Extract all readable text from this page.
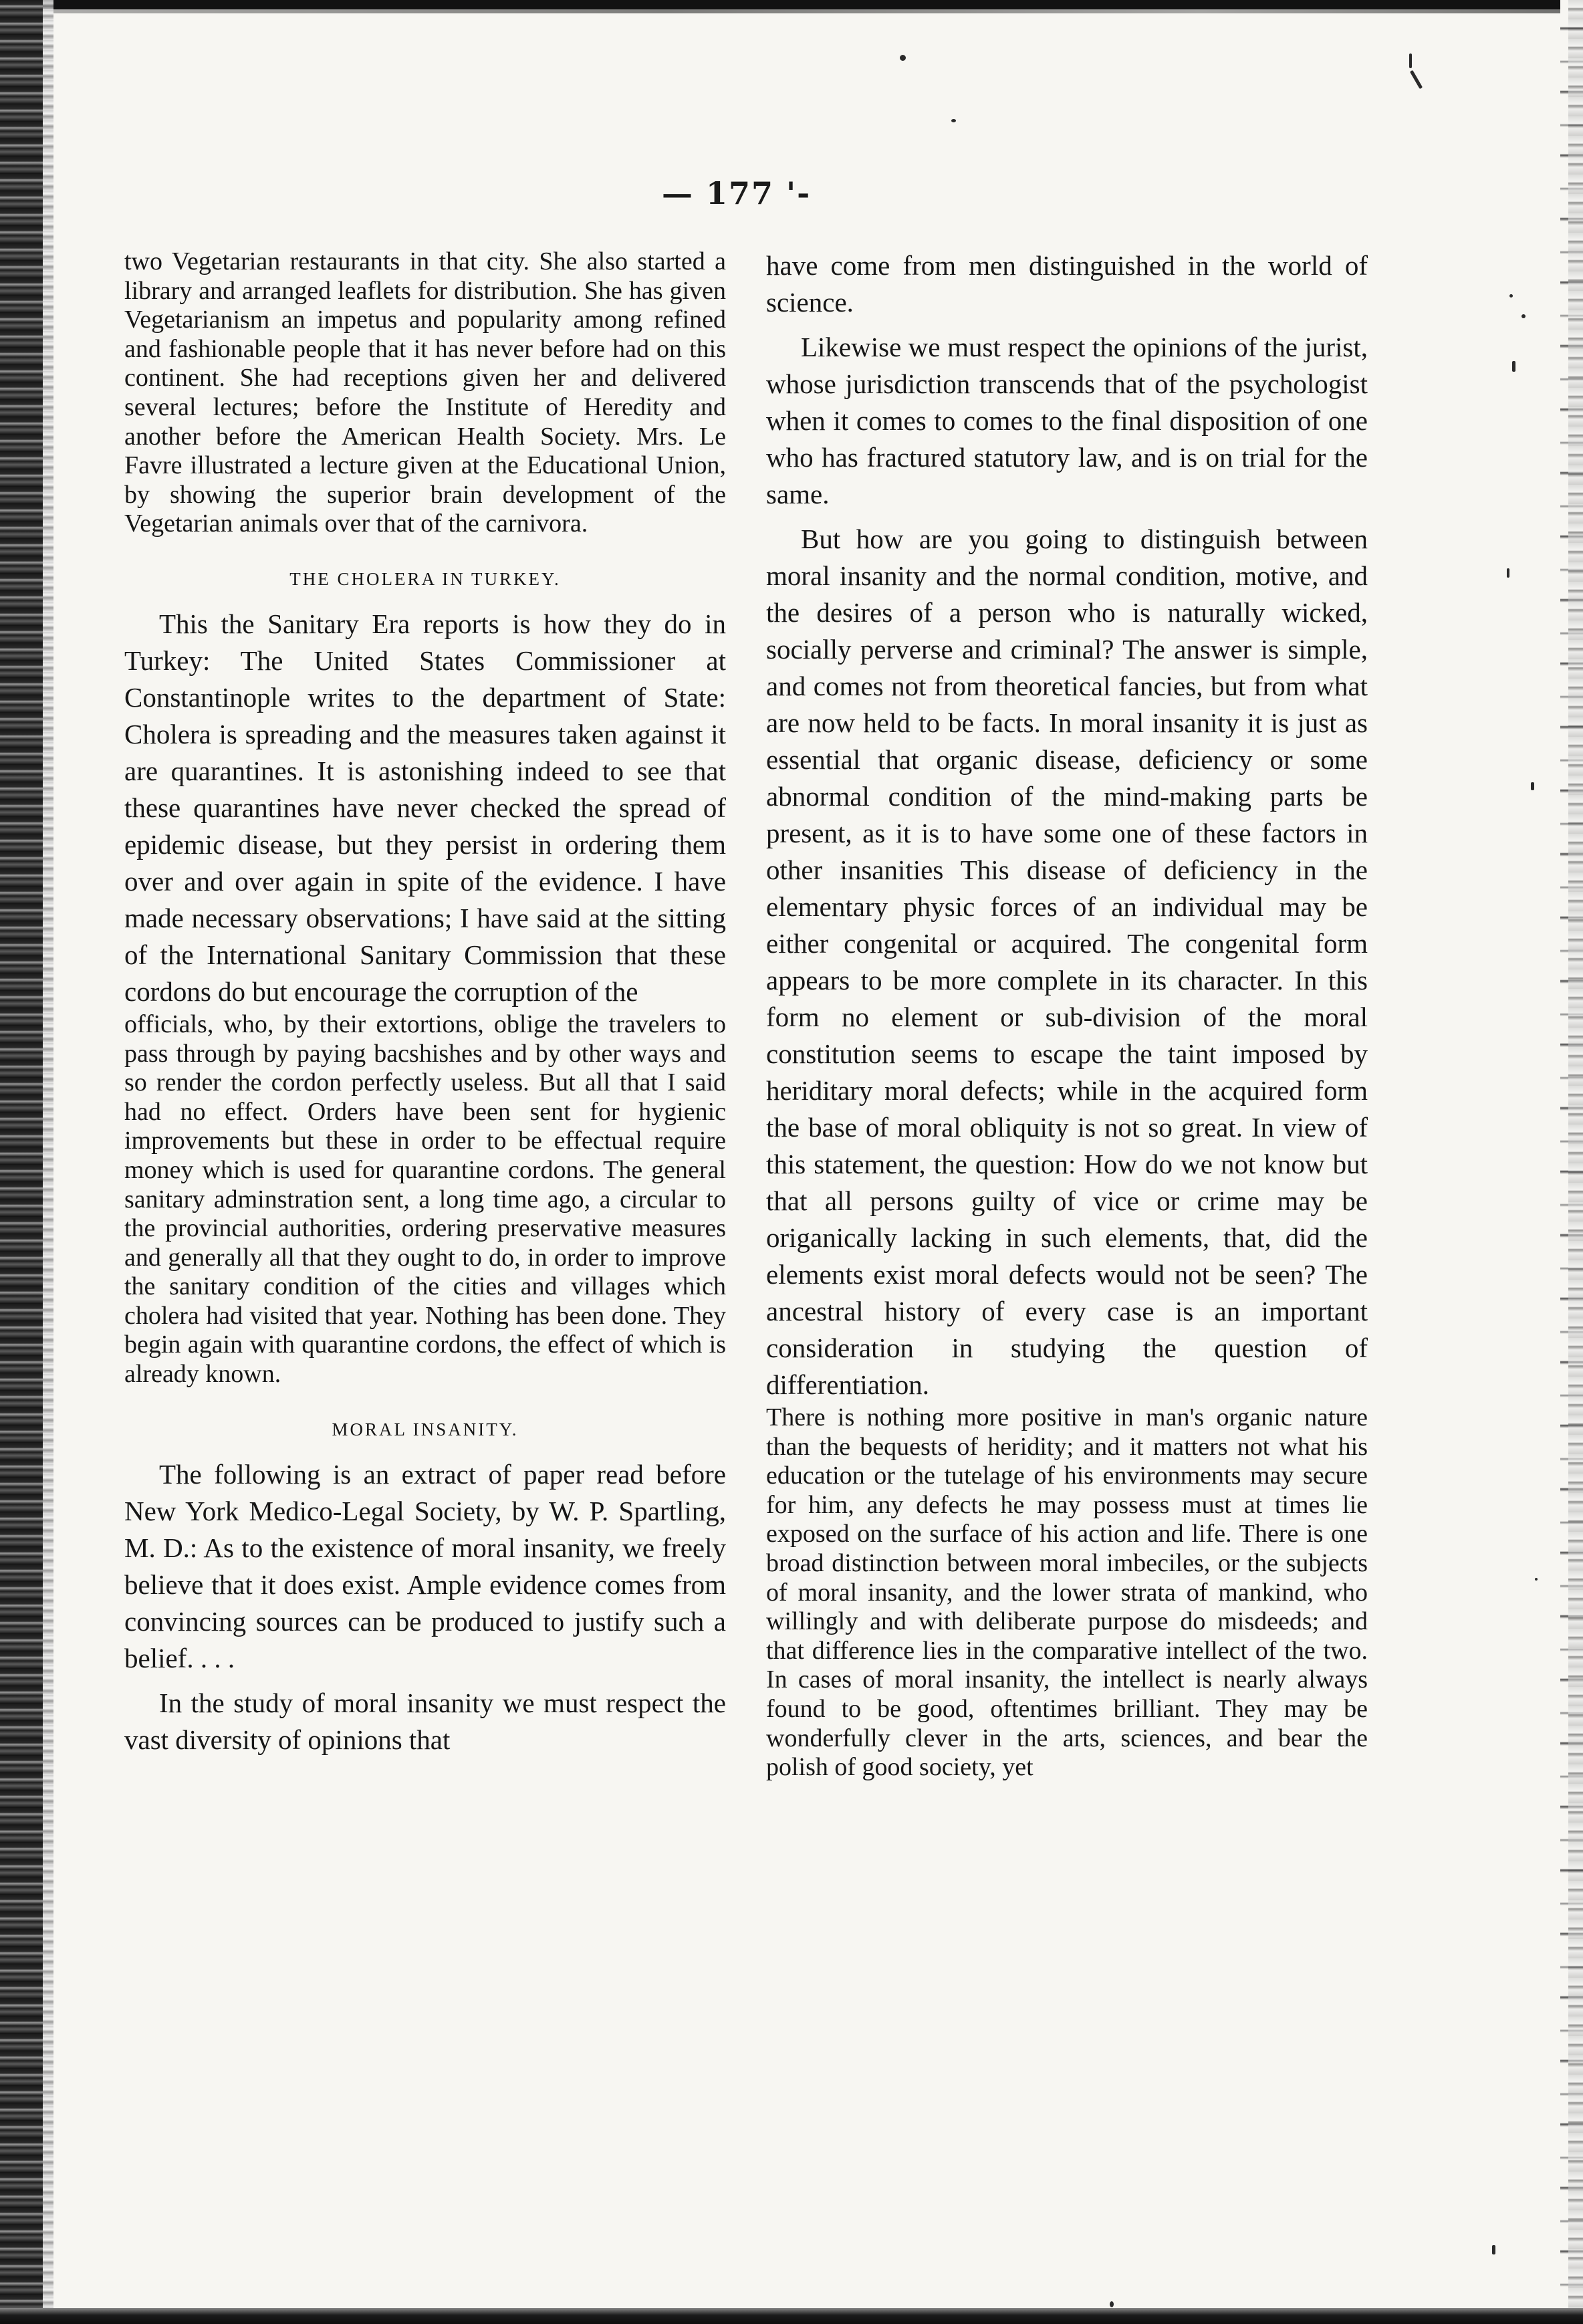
— 177 '-

two Vegetarian restaurants in that city. She also started a library and arranged leaflets for distribution. She has given Vegetarianism an impetus and popularity among refined and fashionable people that it has never before had on this continent. She had receptions given her and delivered several lectures; before the Institute of Heredity and another before the American Health Society. Mrs. Le Favre illustrated a lecture given at the Educational Union, by showing the superior brain development of the Vegetarian animals over that of the carnivora.

THE CHOLERA IN TURKEY.

This the Sanitary Era reports is how they do in Turkey: The United States Commissioner at Constantinople writes to the department of State: Cholera is spreading and the measures taken against it are quarantines. It is astonishing indeed to see that these quarantines have never checked the spread of epidemic disease, but they persist in ordering them over and over again in spite of the evidence. I have made necessary observations; I have said at the sitting of the International Sanitary Commission that these cordons do but encourage the corruption of the

officials, who, by their extortions, oblige the travelers to pass through by paying bacshishes and by other ways and so render the cordon perfectly useless. But all that I said had no effect. Orders have been sent for hygienic improvements but these in order to be effectual require money which is used for quarantine cordons. The general sanitary adminstration sent, a long time ago, a circular to the provincial authorities, ordering preservative measures and generally all that they ought to do, in order to improve the sanitary condition of the cities and villages which cholera had visited that year. Nothing has been done. They begin again with quarantine cordons, the effect of which is already known.

MORAL INSANITY.

The following is an extract of paper read before New York Medico-Legal Society, by W. P. Spartling, M. D.: As to the existence of moral insanity, we freely believe that it does exist. Ample evidence comes from convincing sources can be produced to justify such a belief. . . .

In the study of moral insanity we must respect the vast diversity of opinions that

have come from men distinguished in the world of science.

Likewise we must respect the opinions of the jurist, whose jurisdiction transcends that of the psychologist when it comes to comes to the final disposition of one who has fractured statutory law, and is on trial for the same.

But how are you going to distinguish between moral insanity and the normal condition, motive, and the desires of a person who is naturally wicked, socially perverse and criminal? The answer is simple, and comes not from theoretical fancies, but from what are now held to be facts. In moral insanity it is just as essential that organic disease, deficiency or some abnormal condition of the mind-making parts be present, as it is to have some one of these factors in other insanities This disease of deficiency in the elementary physic forces of an individual may be either congenital or acquired. The congenital form appears to be more complete in its character. In this form no element or sub-division of the moral constitution seems to escape the taint imposed by heriditary moral defects; while in the acquired form the base of moral obliquity is not so great. In view of this statement, the question: How do we not know but that all persons guilty of vice or crime may be origanically lacking in such elements, that, did the elements exist moral defects would not be seen? The ancestral history of every case is an important consideration in studying the question of differentiation.

There is nothing more positive in man's organic nature than the bequests of heridity; and it matters not what his education or the tutelage of his environments may secure for him, any defects he may possess must at times lie exposed on the surface of his action and life. There is one broad distinction between moral imbeciles, or the subjects of moral insanity, and the lower strata of mankind, who willingly and with deliberate purpose do misdeeds; and that difference lies in the comparative intellect of the two. In cases of moral insanity, the intellect is nearly always found to be good, oftentimes brilliant. They may be wonderfully clever in the arts, sciences, and bear the polish of good society, yet
